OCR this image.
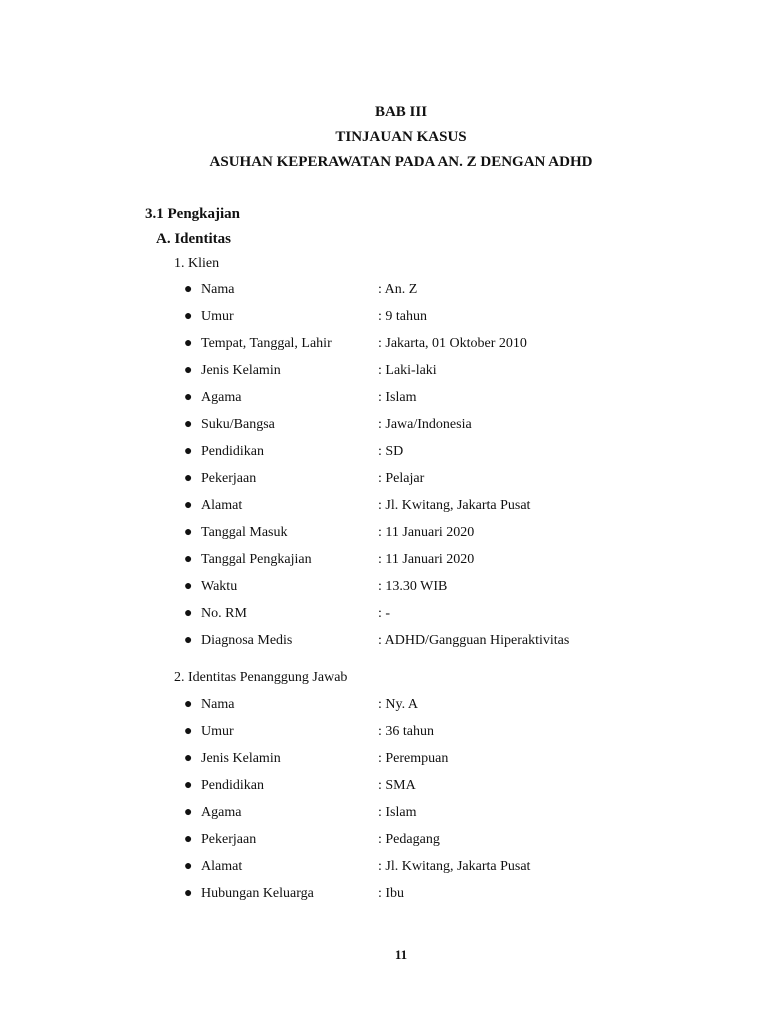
BAB III
TINJAUAN KASUS
ASUHAN KEPERAWATAN PADA AN. Z DENGAN ADHD
3.1 Pengkajian
A. Identitas
1. Klien
● Nama	: An. Z
● Umur	: 9 tahun
● Tempat, Tanggal, Lahir	: Jakarta, 01 Oktober 2010
● Jenis Kelamin	: Laki-laki
● Agama	: Islam
● Suku/Bangsa	: Jawa/Indonesia
● Pendidikan	: SD
● Pekerjaan	: Pelajar
● Alamat	: Jl. Kwitang, Jakarta Pusat
● Tanggal Masuk	: 11 Januari 2020
● Tanggal Pengkajian	: 11 Januari 2020
● Waktu	: 13.30 WIB
● No. RM	: -
● Diagnosa Medis	: ADHD/Gangguan Hiperaktivitas
2. Identitas Penanggung Jawab
● Nama	: Ny. A
● Umur	: 36 tahun
● Jenis Kelamin	: Perempuan
● Pendidikan	: SMA
● Agama	: Islam
● Pekerjaan	: Pedagang
● Alamat	: Jl. Kwitang, Jakarta Pusat
● Hubungan Keluarga	: Ibu
11
